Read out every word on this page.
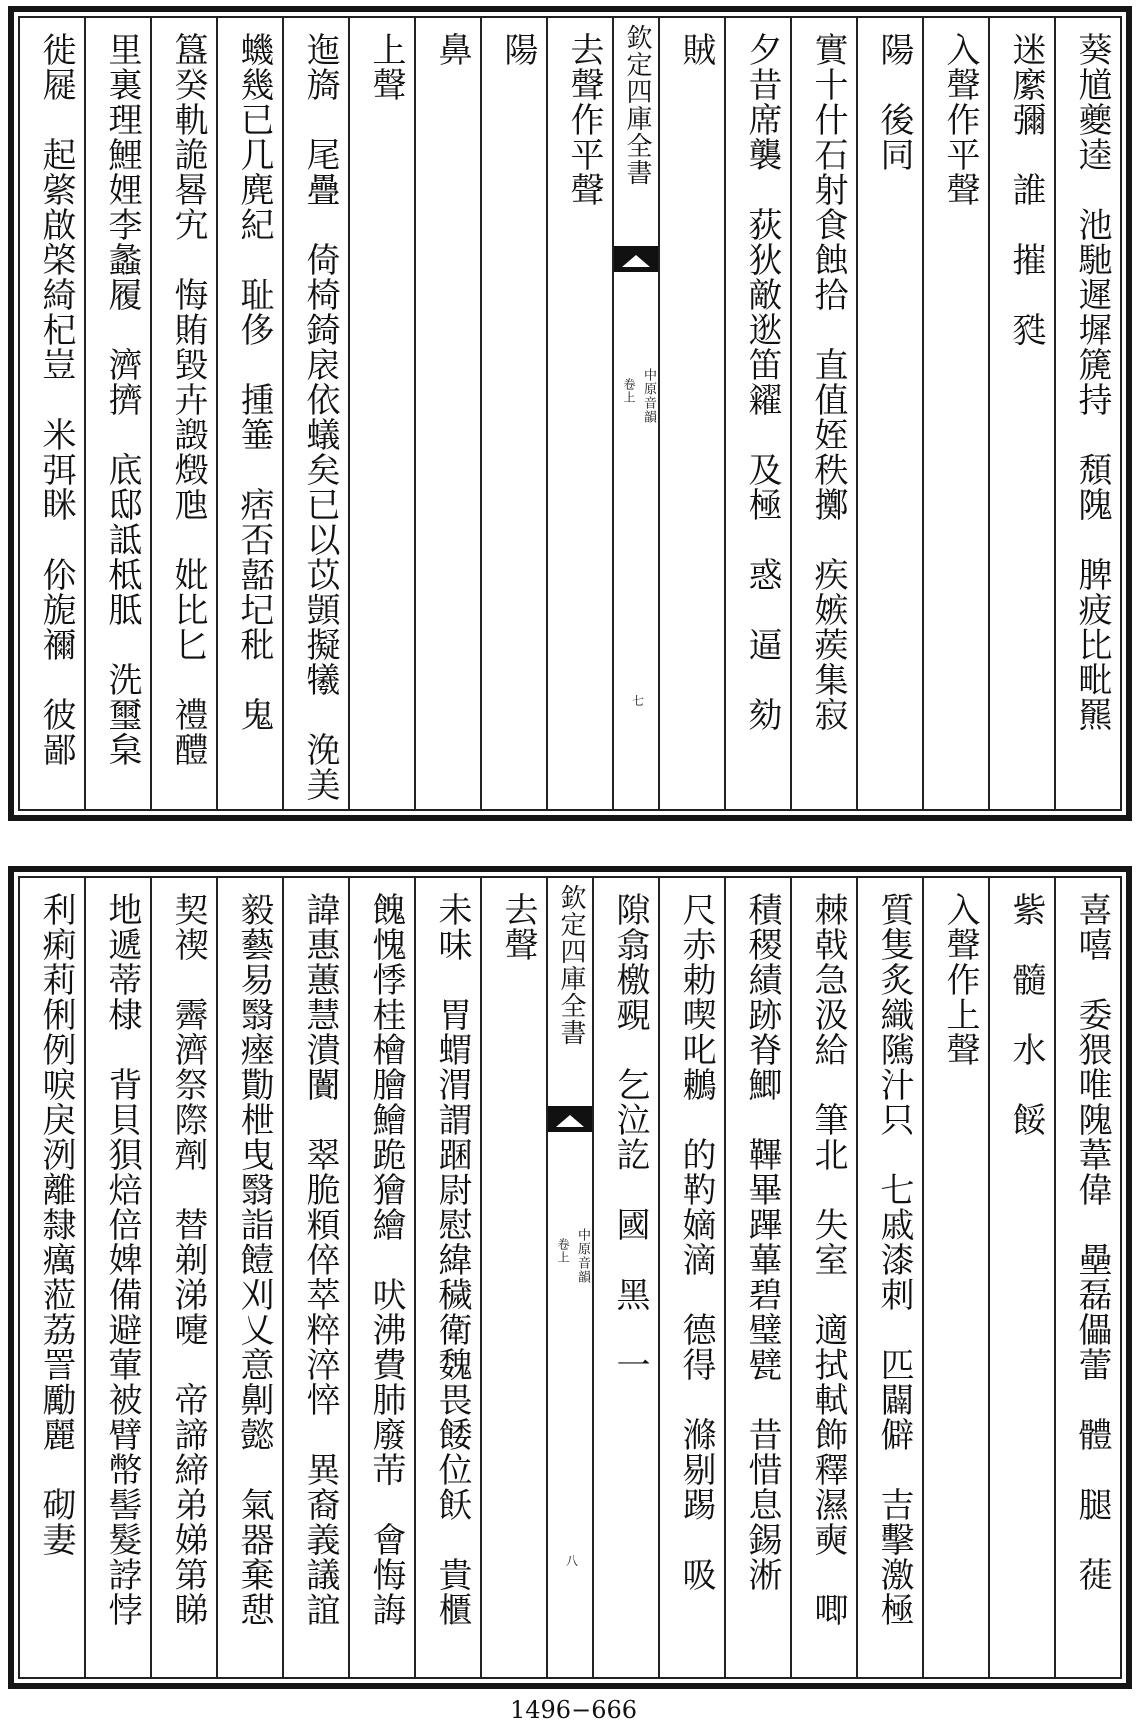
葵馗夔逵　池馳遲墀篪持　頹隗　脾疲比毗羆
迷縻彌　誰　摧　甤
入聲作平聲
陽　後同
實十什石射食蝕拾　直值姪秩擲　疾嫉蒺集寂
夕昔席襲　荻狄敵逖笛糴　及極　惑　逼　劾
賊
欽定四庫全書
中原音韻
卷上
七
去聲作平聲
陽
鼻
上聲
迤旖　尾疊　倚椅錡扆依蟻矣已以苡顗擬犧　浼美
蟣幾已几麂紀　耻侈　揰箠　痞否嚭圮秕　鬼
簋癸軌詭晷宄　悔賄毀卉譭燬虺　妣比匕　禮醴
里裏理鯉娌李蠡履　濟擠　底邸詆柢胝　洗璽枲
徙屣　起綮啟棨綺杞豈　米弭眯　伱旎禰　彼鄙
喜嘻　委猥唯隗葦偉　壘磊儡蕾　體　腿　蓰
紫　髓　水　餒
入聲作上聲
質隻炙織隲汁只　七戚漆刺　匹闢僻　吉擊激極
棘戟急汲給　筆北　失室　適拭軾飾釋濕奭　唧
積稷績跡脊鯽　鞸畢蹕蓽碧璧甓　昔惜息錫淅
尺赤勅喫叱鶒　的靮嫡滴　德得　滌剔踢　吸
隙翕檄覡　乞泣訖　國　黑　一
欽定四庫全書
中原音韻
卷上
八
去聲
未味　胃蝟渭謂䠅尉慰緯穢衛魏畏餧位飫　貴櫃
餽愧悸桂檜膾鱠跪獪繪　吠沸費肺廢芾　會悔誨
諱惠蕙慧潰闠　翠脆頪倅萃粹淬悴　異裔義議誼
毅藝易翳瘞勩枻曳翳詣饐刈乂意劓懿　氣器棄憇
契禊　霽濟祭際劑　替剃涕嚏　帝諦締弟娣第睇
地遞蒂棣　背貝狽焙倍婢備避葷被臂幣髻髮誖悖
利痢莉俐例唳戾洌離隸癘蒞荔詈勵麗　砌妻
1496−666
